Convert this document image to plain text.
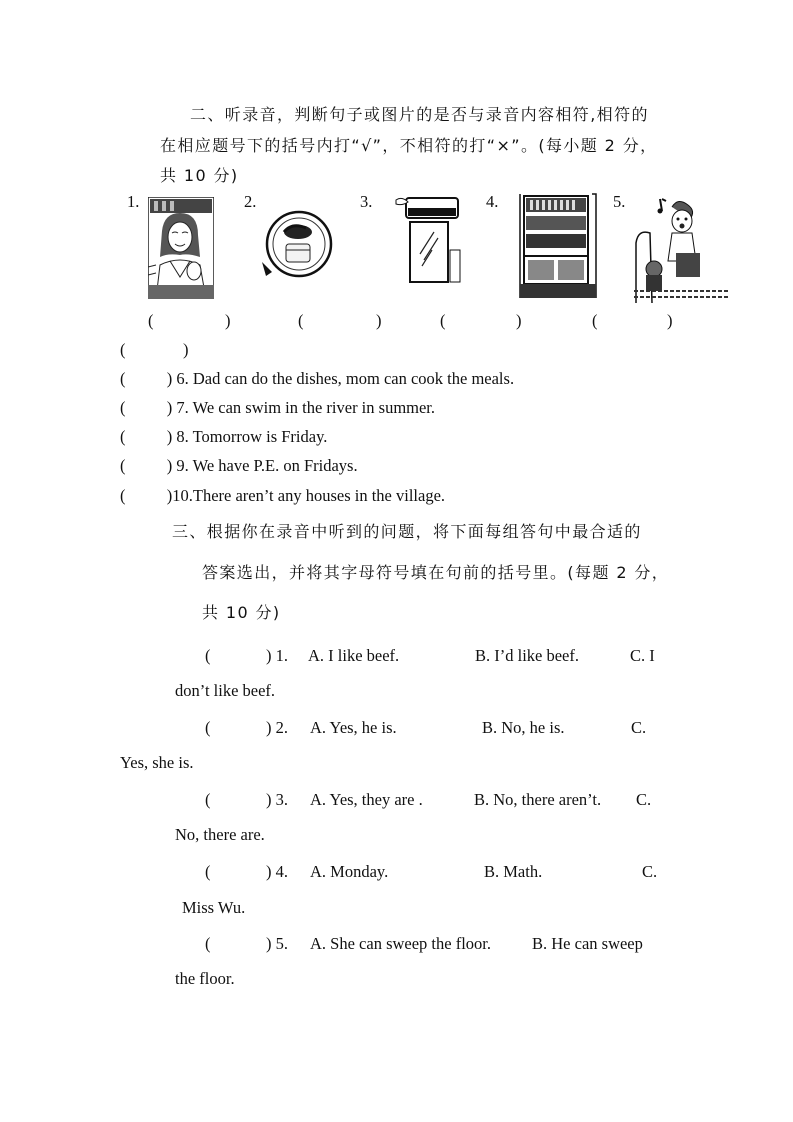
二、听录音，判断句子或图片的是否与录音内容相符,相符的
在相应题号下的括号内打“√”，不相符的打“×”。(每小题 2 分，
共 10 分)
1.	2.	3.	4.	5.
(	)	(	)	(	)	(	)
(	)
(          ) 6. Dad can do the dishes, mom can cook the meals.
(          ) 7. We can swim in the river in summer.
(          ) 8. Tomorrow is Friday.
(          ) 9. We have P.E. on Fridays.
(          )10.There aren’t any houses in the village.
三、根据你在录音中听到的问题，将下面每组答句中最合适的
答案选出，并将其字母符号填在句前的括号里。(每题 2 分，
共 10 分)
(	) 1. A. I like beef.	B. I’d like beef.	C. I
don’t like beef.
(	) 2. A. Yes, he is.	B. No, he is.	C.
Yes, she is.
(	) 3. A. Yes, they are .	B. No, there aren’t. C.
No, there are.
(	) 4. A. Monday.	B. Math.	C.
Miss Wu.
(	) 5. A. She can sweep the floor. B. He can sweep
the floor.
